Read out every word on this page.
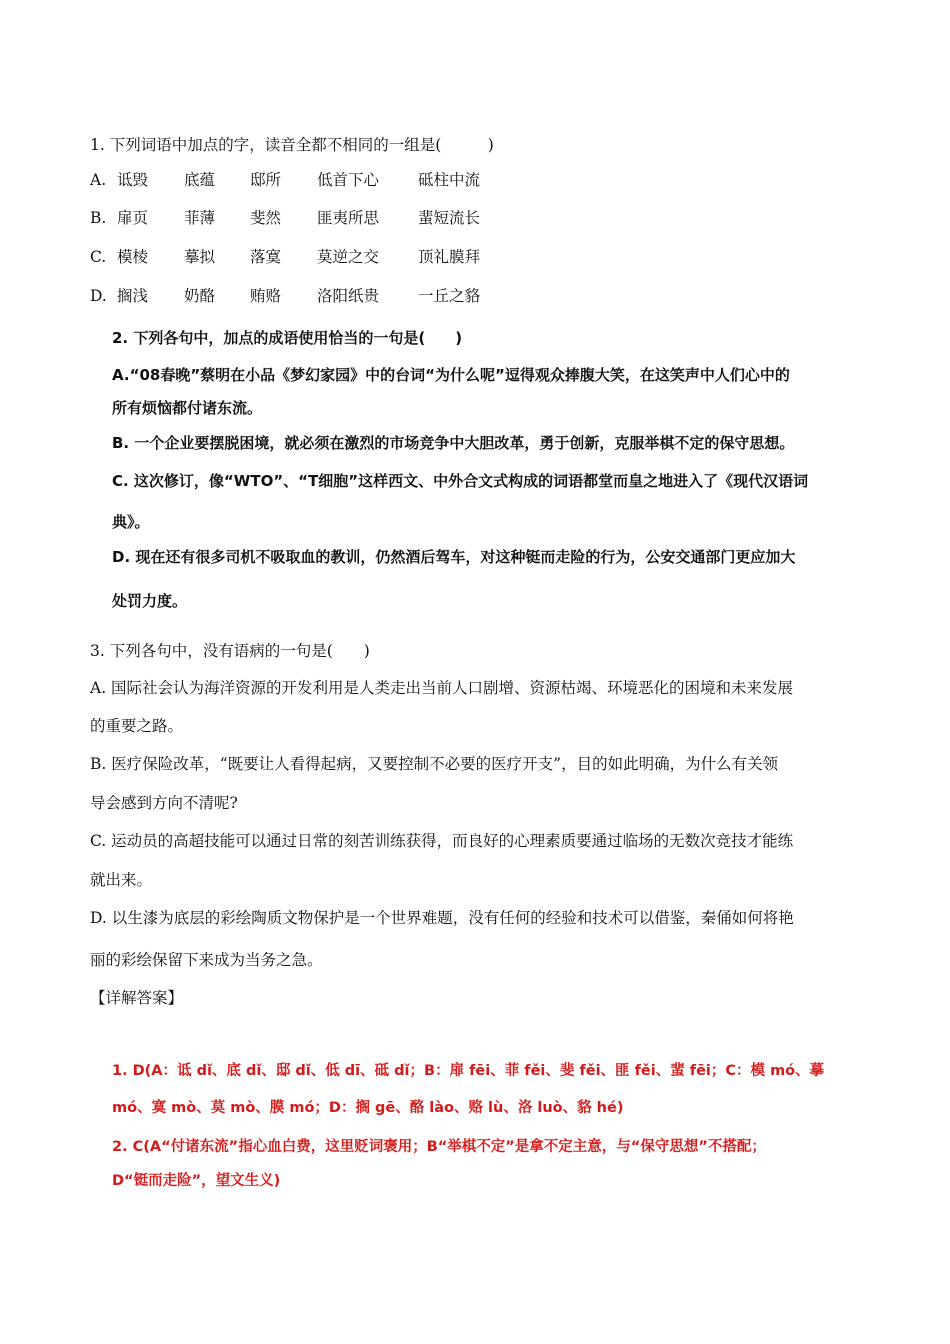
1. 下列词语中加点的字，读音全都不相同的一组是(　　　)
A. 诋毁 底蕴 邸所 低首下心	砥柱中流
B. 扉页 菲薄 斐然 匪夷所思	蜚短流长
C. 模棱 摹拟 落寞 莫逆之交	顶礼膜拜
D. 搁浅 奶酪 贿赂 洛阳纸贵	一丘之貉
2. 下列各句中，加点的成语使用恰当的一句是(　　)
A.“08春晚”蔡明在小品《梦幻家园》中的台词“为什么呢”逗得观众捧腹大笑，在这笑声中人们心中的
所有烦恼都付诸东流。
B. 一个企业要摆脱困境，就必须在激烈的市场竞争中大胆改革，勇于创新，克服举棋不定的保守思想。
C. 这次修订，像“WTO”、“T细胞”这样西文、中外合文式构成的词语都堂而皇之地进入了《现代汉语词
典》。
D. 现在还有很多司机不吸取血的教训，仍然酒后驾车，对这种铤而走险的行为，公安交通部门更应加大
处罚力度。
3. 下列各句中，没有语病的一句是(　　)
A. 国际社会认为海洋资源的开发利用是人类走出当前人口剧增、资源枯竭、环境恶化的困境和未来发展
的重要之路。
B. 医疗保险改革，“既要让人看得起病，又要控制不必要的医疗开支”，目的如此明确，为什么有关领
导会感到方向不清呢?
C. 运动员的高超技能可以通过日常的刻苦训练获得，而良好的心理素质要通过临场的无数次竞技才能练
就出来。
D. 以生漆为底层的彩绘陶质文物保护是一个世界难题，没有任何的经验和技术可以借鉴，秦俑如何将艳
丽的彩绘保留下来成为当务之急。
【详解答案】
1. D(A：诋 dǐ、底 dǐ、邸 dǐ、低 dī、砥 dǐ；B：扉 fēi、菲 fěi、斐 fěi、匪 fěi、蜚 fēi；C：模 mó、摹
mó、寞 mò、莫 mò、膜 mó；D：搁 gē、酪 lào、赂 lù、洛 luò、貉 hé)
2. C(A“付诸东流”指心血白费，这里贬词褒用；B“举棋不定”是拿不定主意，与“保守思想”不搭配；
D“铤而走险”，望文生义)
